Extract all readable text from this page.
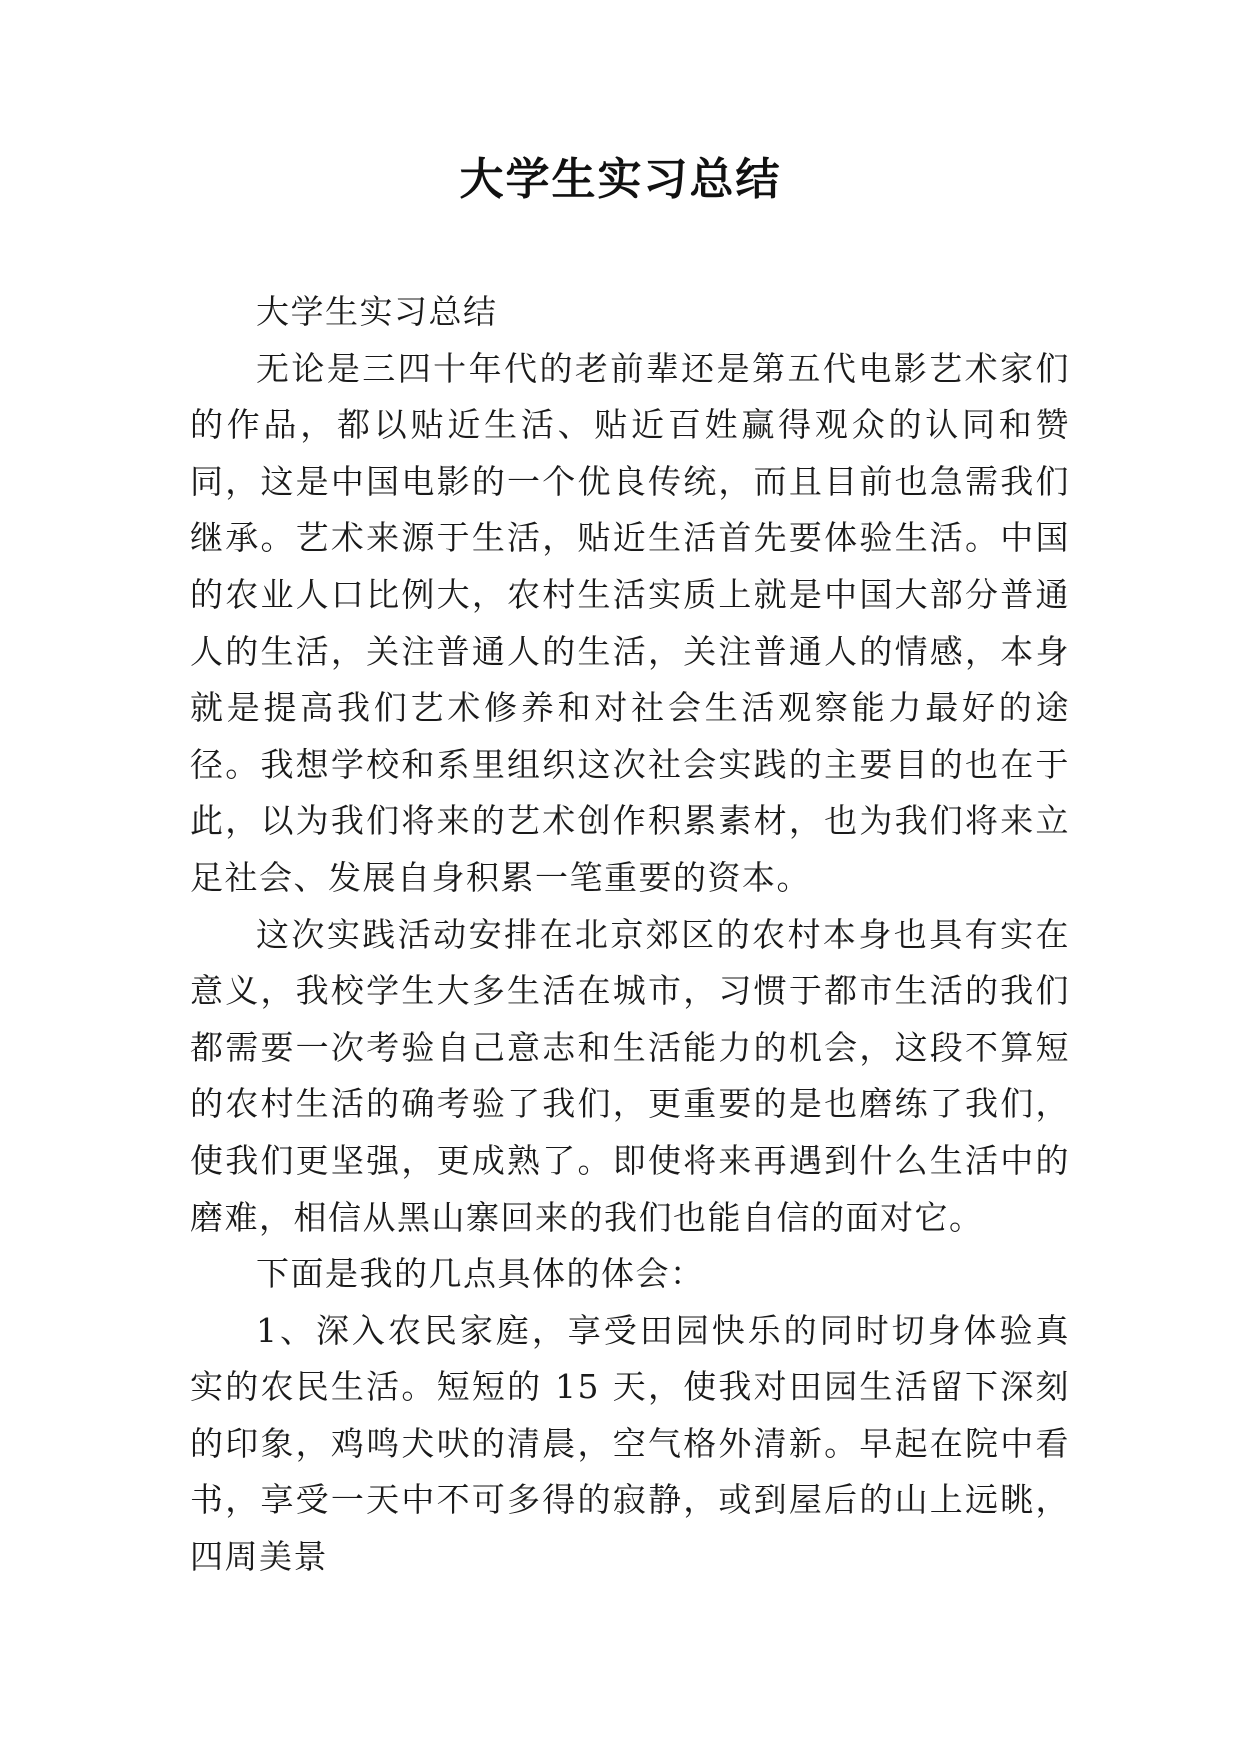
大学生实习总结

大学生实习总结

无论是三四十年代的老前辈还是第五代电影艺术家们的作品，都以贴近生活、贴近百姓赢得观众的认同和赞同，这是中国电影的一个优良传统，而且目前也急需我们继承。艺术来源于生活，贴近生活首先要体验生活。中国的农业人口比例大，农村生活实质上就是中国大部分普通人的生活，关注普通人的生活，关注普通人的情感，本身就是提高我们艺术修养和对社会生活观察能力最好的途径。我想学校和系里组织这次社会实践的主要目的也在于此，以为我们将来的艺术创作积累素材，也为我们将来立足社会、发展自身积累一笔重要的资本。

这次实践活动安排在北京郊区的农村本身也具有实在意义，我校学生大多生活在城市，习惯于都市生活的我们都需要一次考验自己意志和生活能力的机会，这段不算短的农村生活的确考验了我们，更重要的是也磨练了我们，使我们更坚强，更成熟了。即使将来再遇到什么生活中的磨难，相信从黑山寨回来的我们也能自信的面对它。

下面是我的几点具体的体会：

1、深入农民家庭，享受田园快乐的同时切身体验真实的农民生活。短短的 15 天，使我对田园生活留下深刻的印象，鸡鸣犬吠的清晨，空气格外清新。早起在院中看书，享受一天中不可多得的寂静，或到屋后的山上远眺，四周美景
